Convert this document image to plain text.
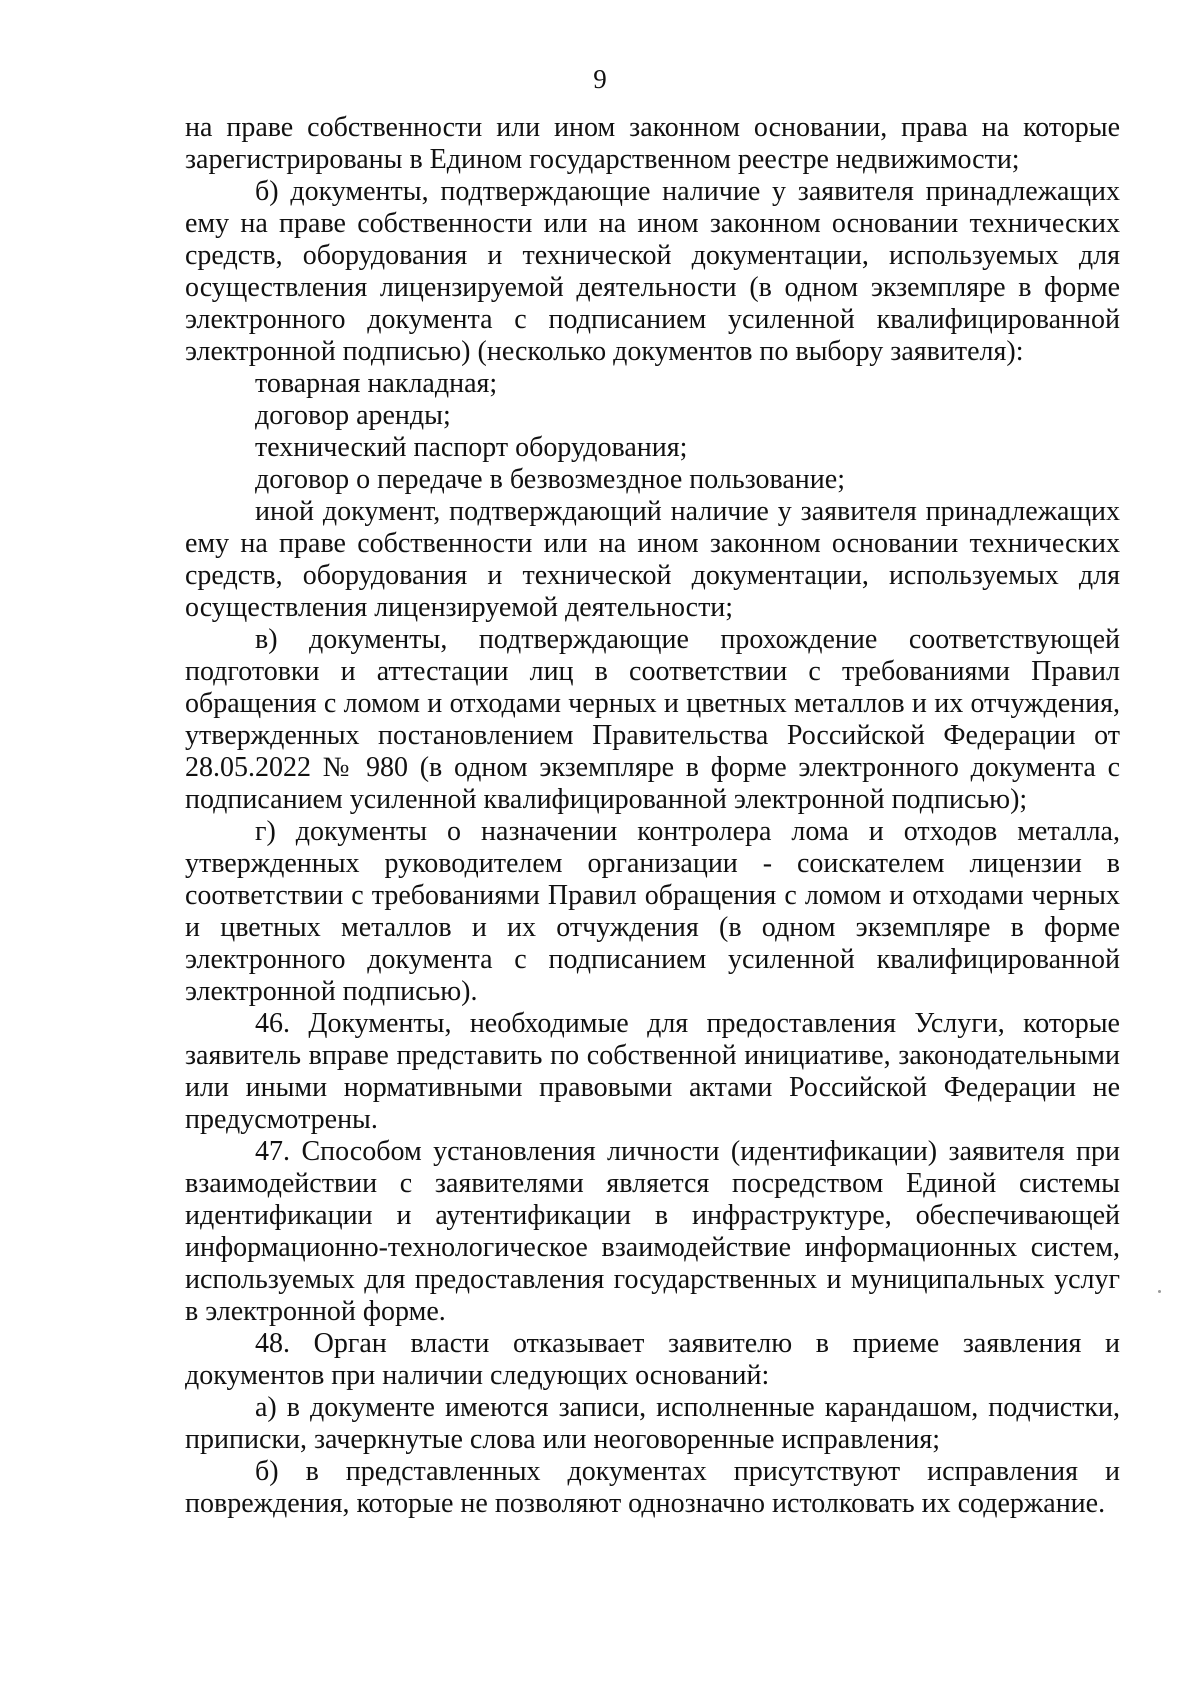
9

на праве собственности или ином законном основании, права на которые зарегистрированы в Едином государственном реестре недвижимости;

б) документы, подтверждающие наличие у заявителя принадлежащих ему на праве собственности или на ином законном основании технических средств, оборудования и технической документации, используемых для осуществления лицензируемой деятельности (в одном экземпляре в форме электронного документа с подписанием усиленной квалифицированной электронной подписью) (несколько документов по выбору заявителя):

товарная накладная;

договор аренды;

технический паспорт оборудования;

договор о передаче в безвозмездное пользование;

иной документ, подтверждающий наличие у заявителя принадлежащих ему на праве собственности или на ином законном основании технических средств, оборудования и технической документации, используемых для осуществления лицензируемой деятельности;

в) документы, подтверждающие прохождение соответствующей подготовки и аттестации лиц в соответствии с требованиями Правил обращения с ломом и отходами черных и цветных металлов и их отчуждения, утвержденных постановлением Правительства Российской Федерации от 28.05.2022 № 980 (в одном экземпляре в форме электронного документа с подписанием усиленной квалифицированной электронной подписью);

г) документы о назначении контролера лома и отходов металла, утвержденных руководителем организации - соискателем лицензии в соответствии с требованиями Правил обращения с ломом и отходами черных и цветных металлов и их отчуждения (в одном экземпляре в форме электронного документа с подписанием усиленной квалифицированной электронной подписью).

46. Документы, необходимые для предоставления Услуги, которые заявитель вправе представить по собственной инициативе, законодательными или иными нормативными правовыми актами Российской Федерации не предусмотрены.

47. Способом установления личности (идентификации) заявителя при взаимодействии с заявителями является посредством Единой системы идентификации и аутентификации в инфраструктуре, обеспечивающей информационно-технологическое взаимодействие информационных систем, используемых для предоставления государственных и муниципальных услуг в электронной форме.

48. Орган власти отказывает заявителю в приеме заявления и документов при наличии следующих оснований:

а) в документе имеются записи, исполненные карандашом, подчистки, приписки, зачеркнутые слова или неоговоренные исправления;

б) в представленных документах присутствуют исправления и повреждения, которые не позволяют однозначно истолковать их содержание.
